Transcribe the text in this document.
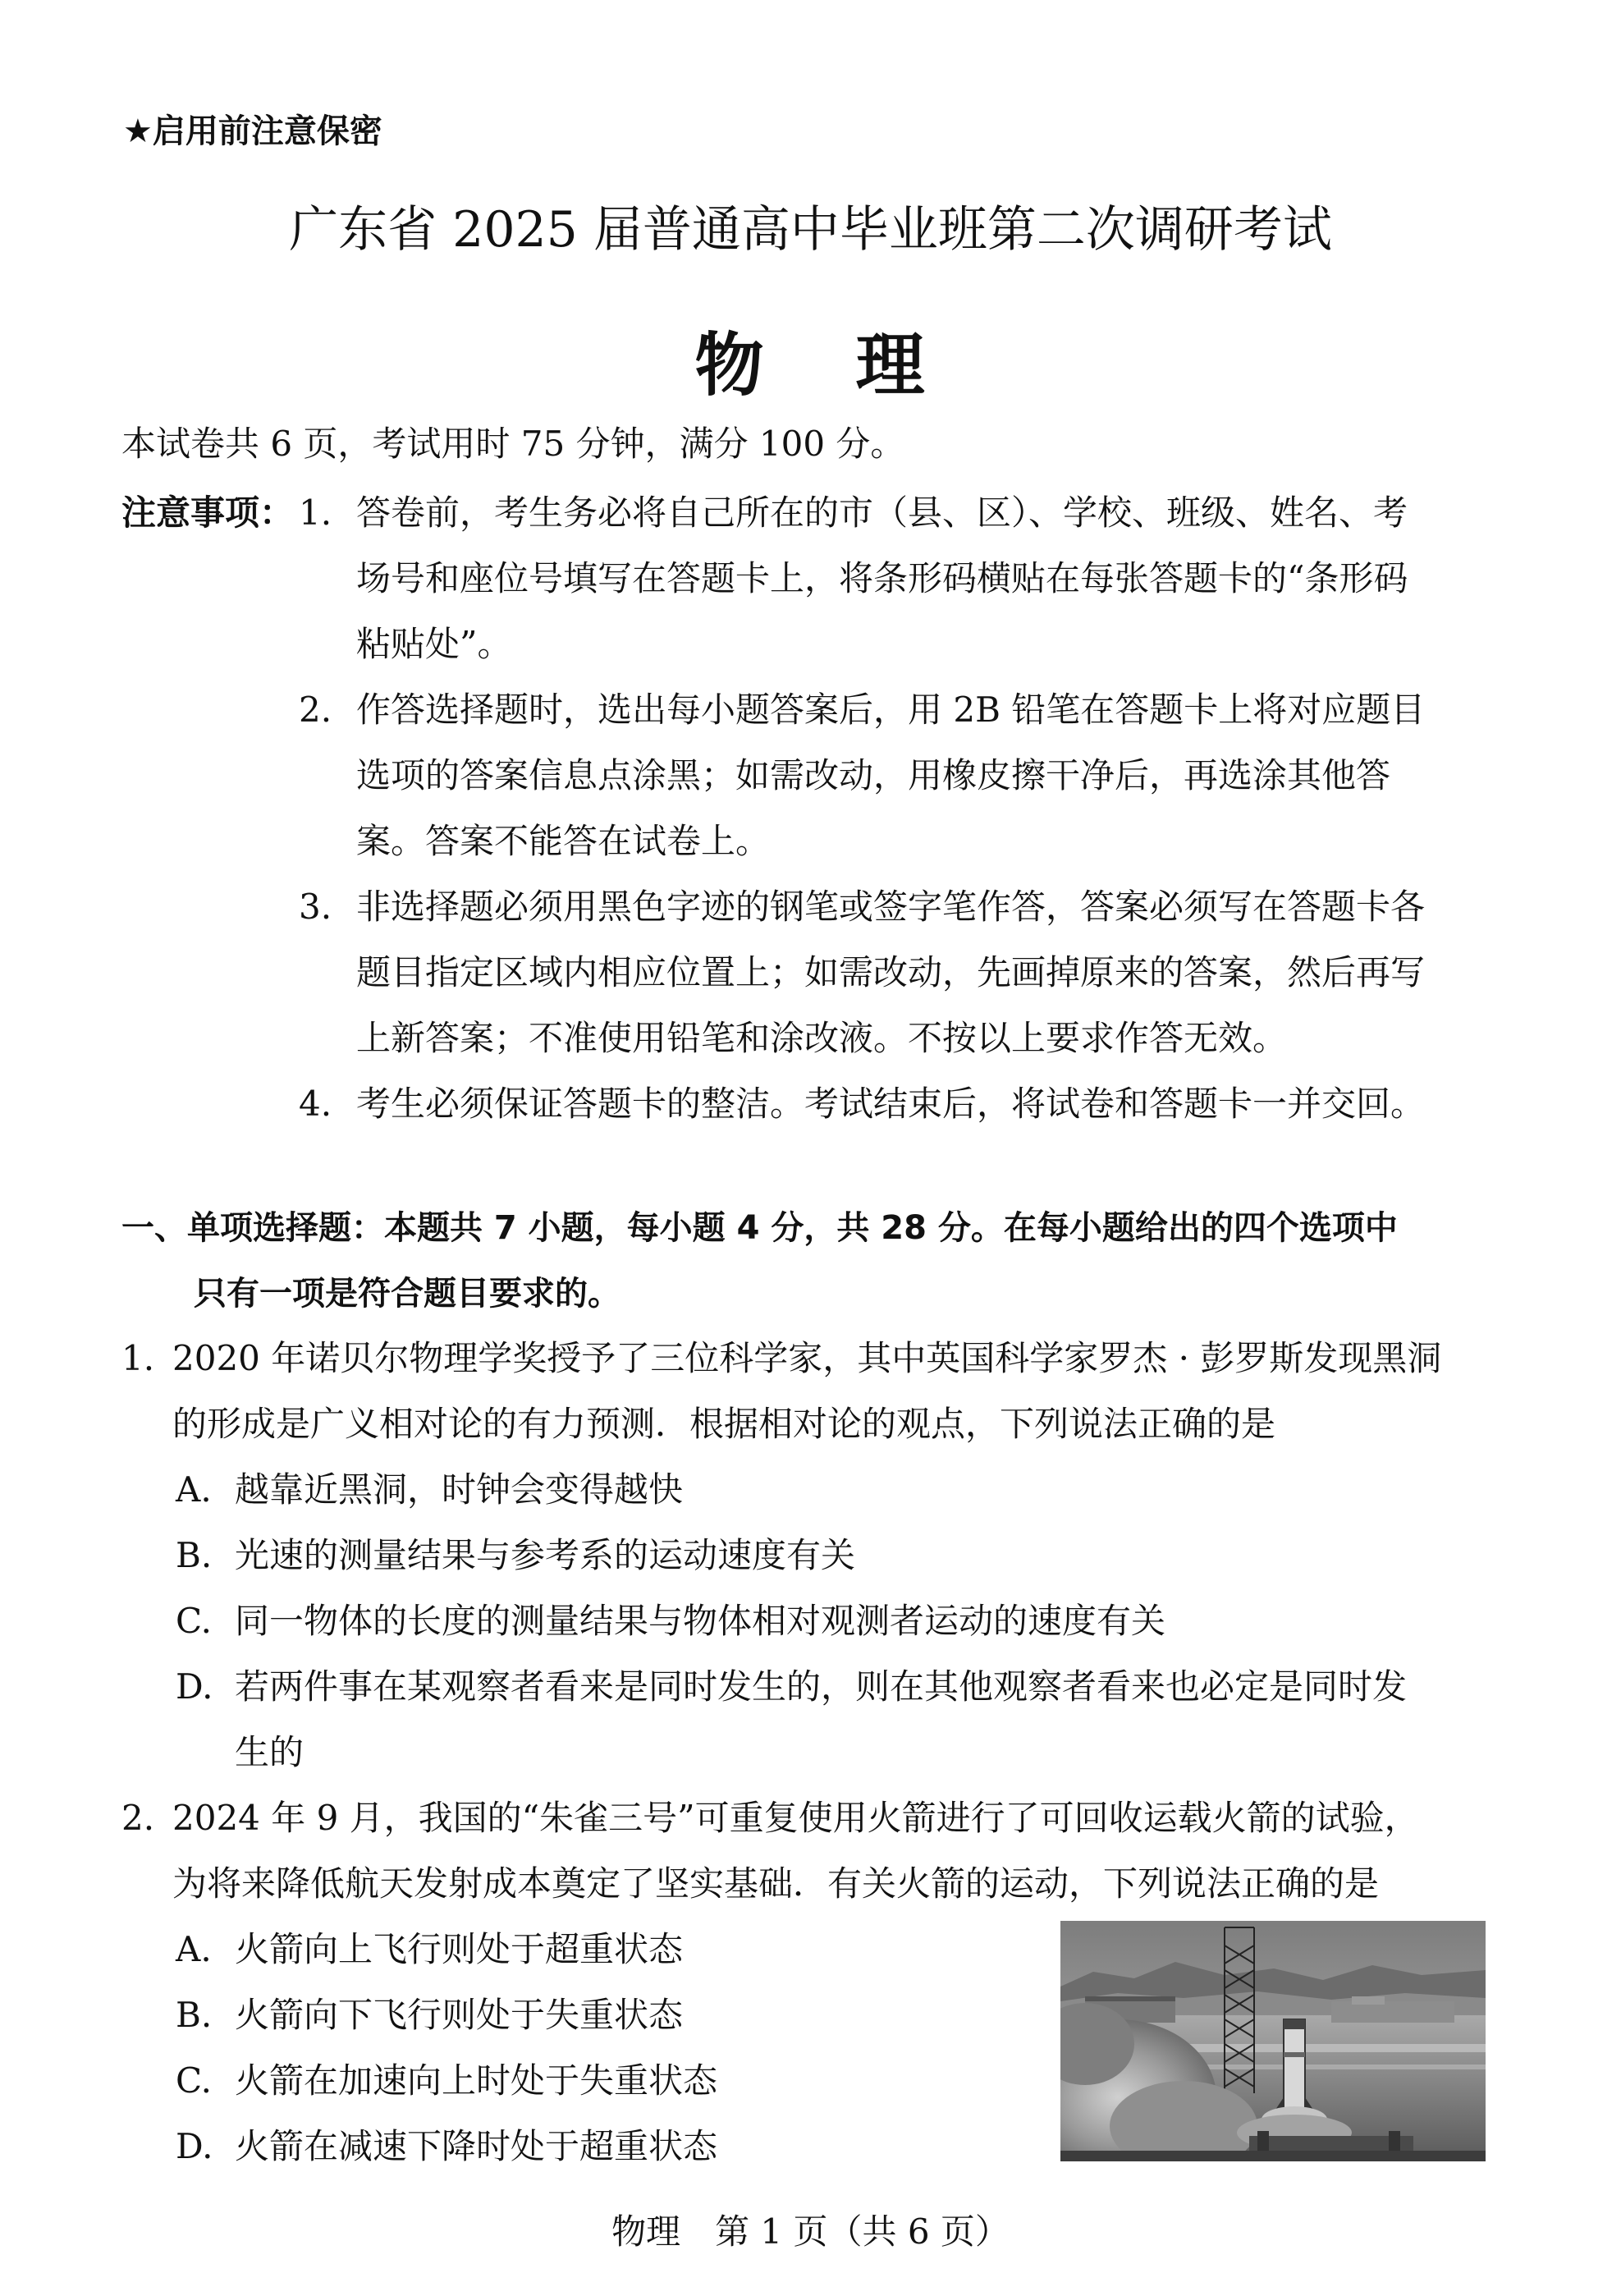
★启用前注意保密
广东省 2025 届普通高中毕业班第二次调研考试
物 理
本试卷共 6 页，考试用时 75 分钟，满分 100 分。
注意事项： 1. 答卷前，考生务必将自己所在的市（县、区）、学校、班级、姓名、考
场号和座位号填写在答题卡上，将条形码横贴在每张答题卡的“条形码
粘贴处”。
2. 作答选择题时，选出每小题答案后，用 2B 铅笔在答题卡上将对应题目
选项的答案信息点涂黑；如需改动，用橡皮擦干净后，再选涂其他答
案。答案不能答在试卷上。
3. 非选择题必须用黑色字迹的钢笔或签字笔作答，答案必须写在答题卡各
题目指定区域内相应位置上；如需改动，先画掉原来的答案，然后再写
上新答案；不准使用铅笔和涂改液。不按以上要求作答无效。
4. 考生必须保证答题卡的整洁。考试结束后，将试卷和答题卡一并交回。
一、单项选择题：本题共 7 小题，每小题 4 分，共 28 分。在每小题给出的四个选项中
只有一项是符合题目要求的。
1. 2020 年诺贝尔物理学奖授予了三位科学家，其中英国科学家罗杰 · 彭罗斯发现黑洞
的形成是广义相对论的有力预测．根据相对论的观点，下列说法正确的是
A. 越靠近黑洞，时钟会变得越快
B. 光速的测量结果与参考系的运动速度有关
C. 同一物体的长度的测量结果与物体相对观测者运动的速度有关
D. 若两件事在某观察者看来是同时发生的，则在其他观察者看来也必定是同时发
生的
2. 2024 年 9 月，我国的“朱雀三号”可重复使用火箭进行了可回收运载火箭的试验，
为将来降低航天发射成本奠定了坚实基础．有关火箭的运动，下列说法正确的是
A. 火箭向上飞行则处于超重状态
B. 火箭向下飞行则处于失重状态
C. 火箭在加速向上时处于失重状态
D. 火箭在减速下降时处于超重状态
物理　第 1 页（共 6 页）
